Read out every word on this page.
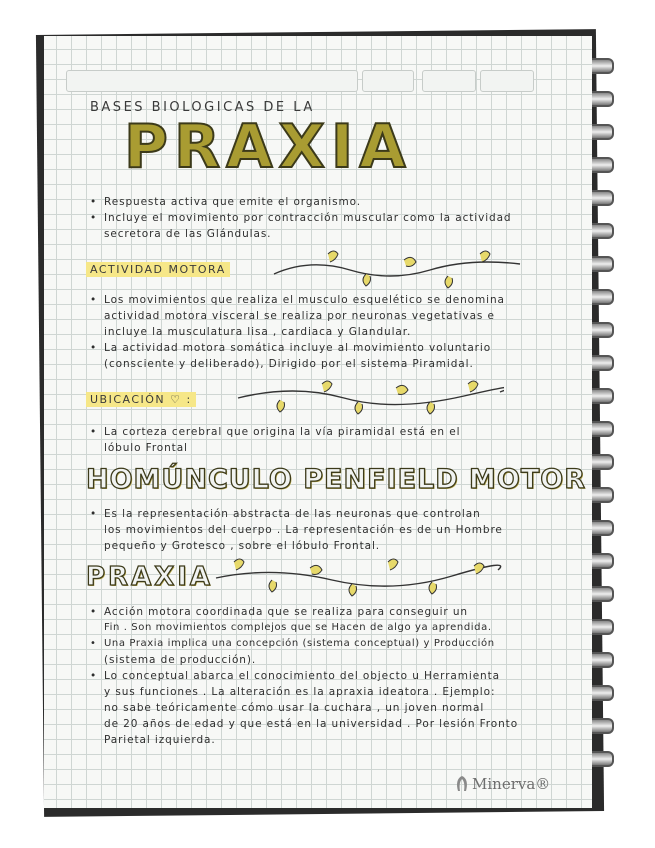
BASES BIOLOGICAS DE LA
PRAXIA
• Respuesta activa que emite el organismo.
• Incluye el movimiento por contracción muscular como la actividad
secretora de las Glándulas.
ACTIVIDAD MOTORA
• Los movimientos que realiza el musculo esquelético se denomina
actividad motora visceral se realiza por neuronas vegetativas e
incluye la musculatura lisa , cardiaca y Glandular.
• La actividad motora somática incluye al movimiento voluntario
(consciente y deliberado), Dirigido por el sistema Piramidal.
UBICACIÓN ♡ :
• La corteza cerebral que origina la vía piramidal está en el
lóbulo Frontal
HOMÚNCULO PENFIELD MOTOR
• Es la representación abstracta de las neuronas que controlan
los movimientos del cuerpo . La representación es de un Hombre
pequeño y Grotesco , sobre el lóbulo Frontal.
PRAXIA
• Acción motora coordinada que se realiza para conseguir un
Fin . Son movimientos complejos que se Hacen de algo ya aprendida.
• Una Praxia implica una concepción (sistema conceptual) y Producción
(sistema de producción).
• Lo conceptual abarca el conocimiento del objecto u Herramienta
y sus funciones . La alteración es la apraxia ideatora . Ejemplo:
no sabe teóricamente cómo usar la cuchara , un joven normal
de 20 años de edad y que está en la universidad . Por lesión Fronto
Parietal izquierda.
Minerva®
